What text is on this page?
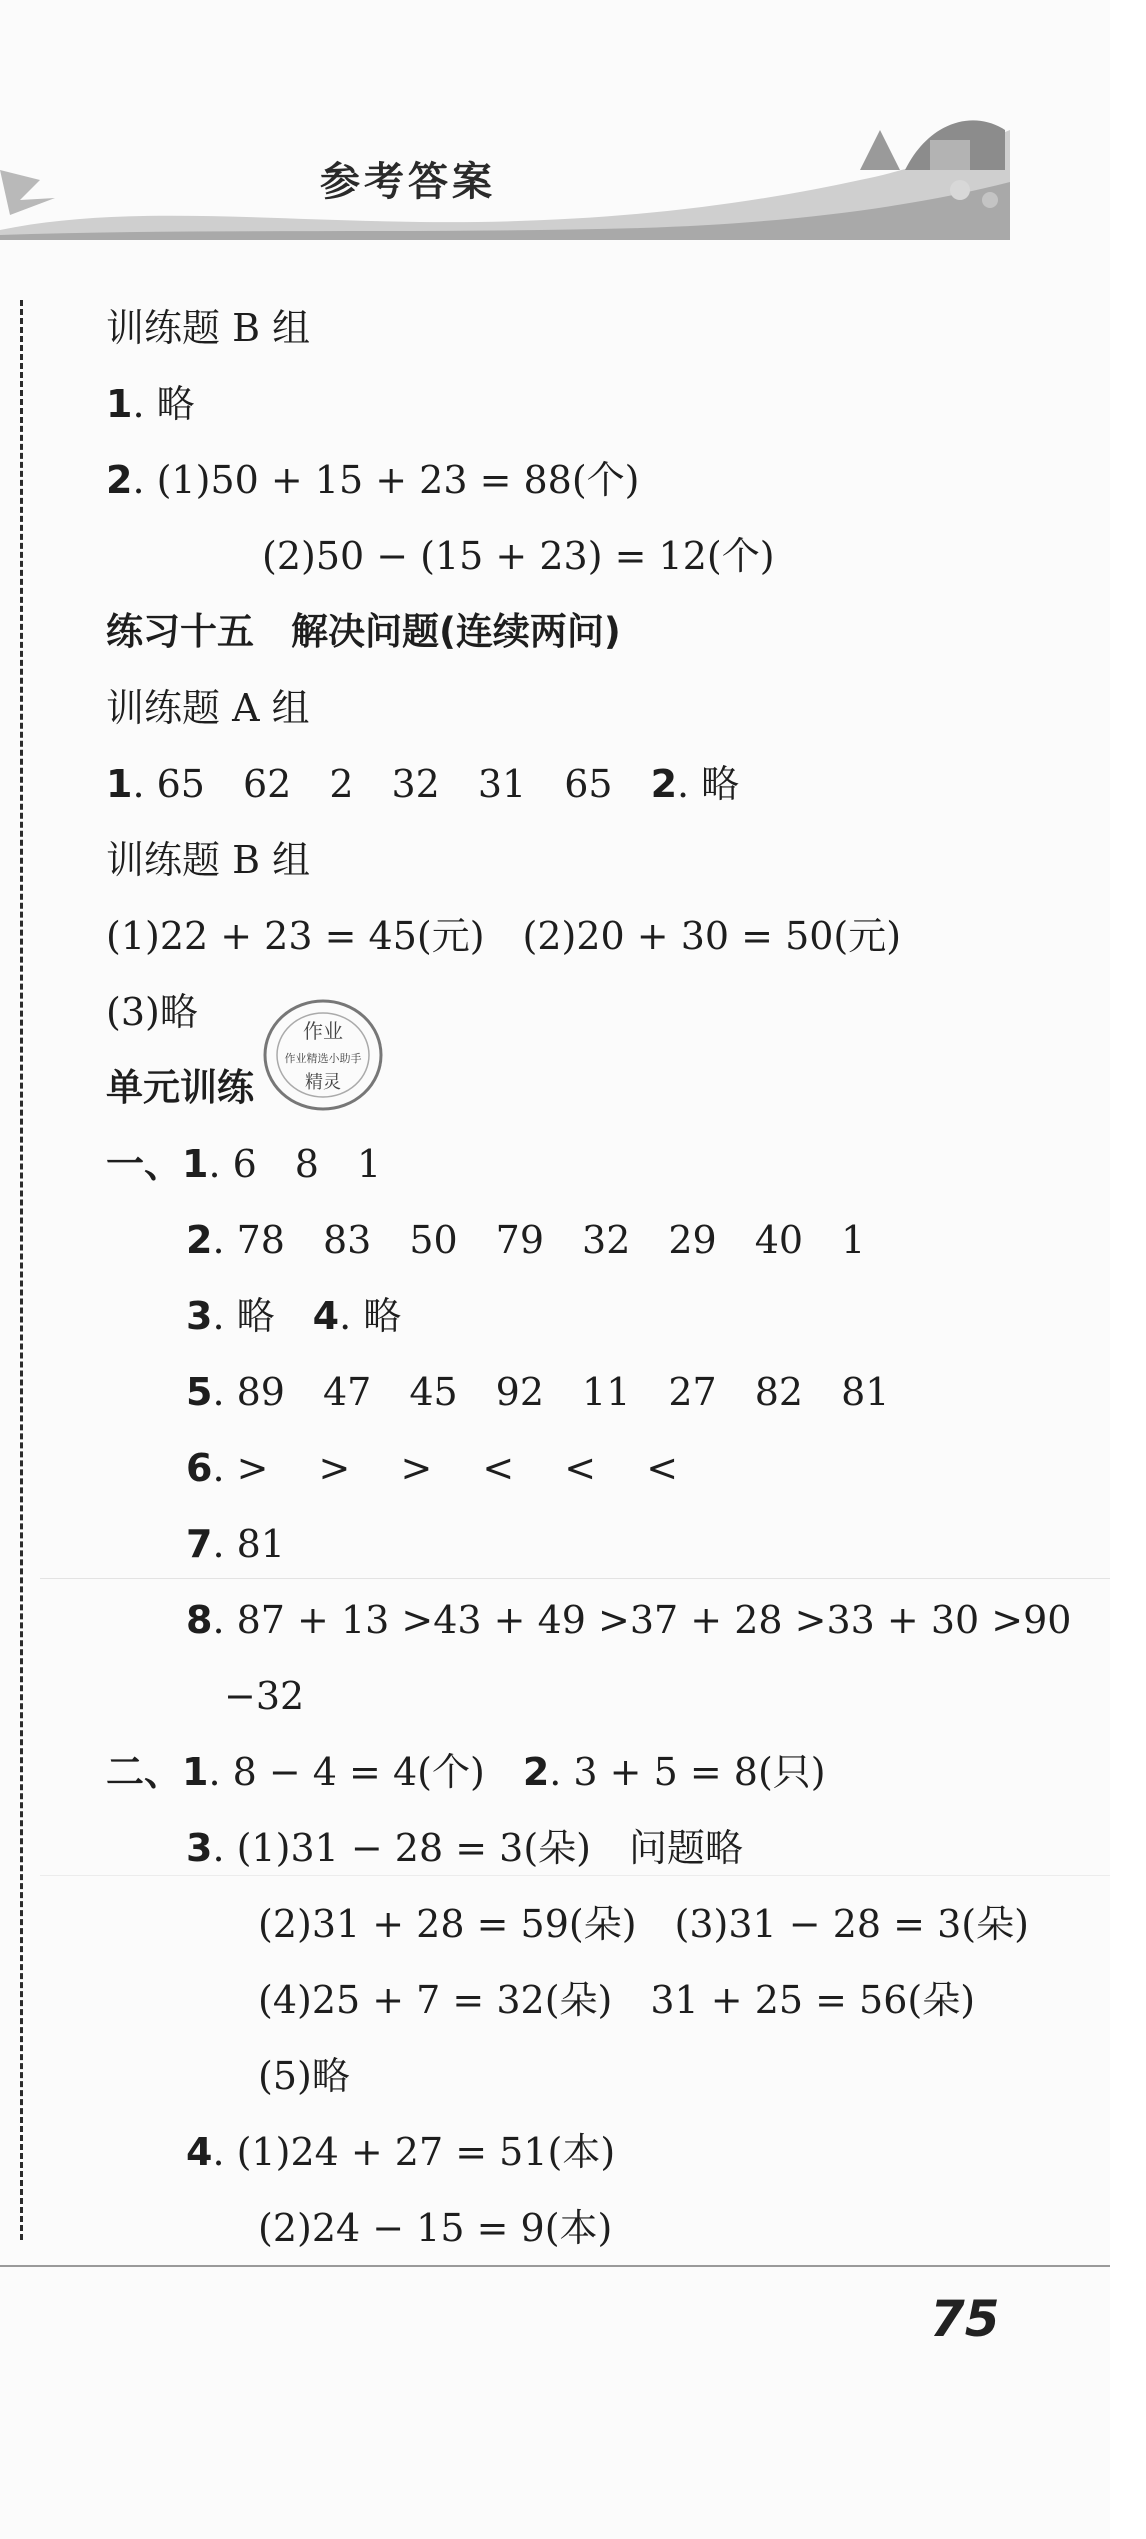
参考答案
训练题 B 组
1. 略
2. (1)50 + 15 + 23 = 88(个)
(2)50 − (15 + 23) = 12(个)
练习十五　解决问题(连续两问)
训练题 A 组
1. 65　62　2　32　31　65　2. 略
训练题 B 组
(1)22 + 23 = 45(元)　(2)20 + 30 = 50(元)
(3)略
单元训练
一、1. 6　8　1
2. 78　83　50　79　32　29　40　1
3. 略　4. 略
5. 89　47　45　92　11　27　82　81
6. >　 >　 >　 <　 <　 <
7. 81
8. 87 + 13 >43 + 49 >37 + 28 >33 + 30 >90
　−32
二、1. 8 − 4 = 4(个)　2. 3 + 5 = 8(只)
3. (1)31 − 28 = 3(朵)　问题略
(2)31 + 28 = 59(朵)　(3)31 − 28 = 3(朵)
(4)25 + 7 = 32(朵)　31 + 25 = 56(朵)
(5)略
4. (1)24 + 27 = 51(本)
(2)24 − 15 = 9(本)
作业
作业精选小助手
精灵
75
